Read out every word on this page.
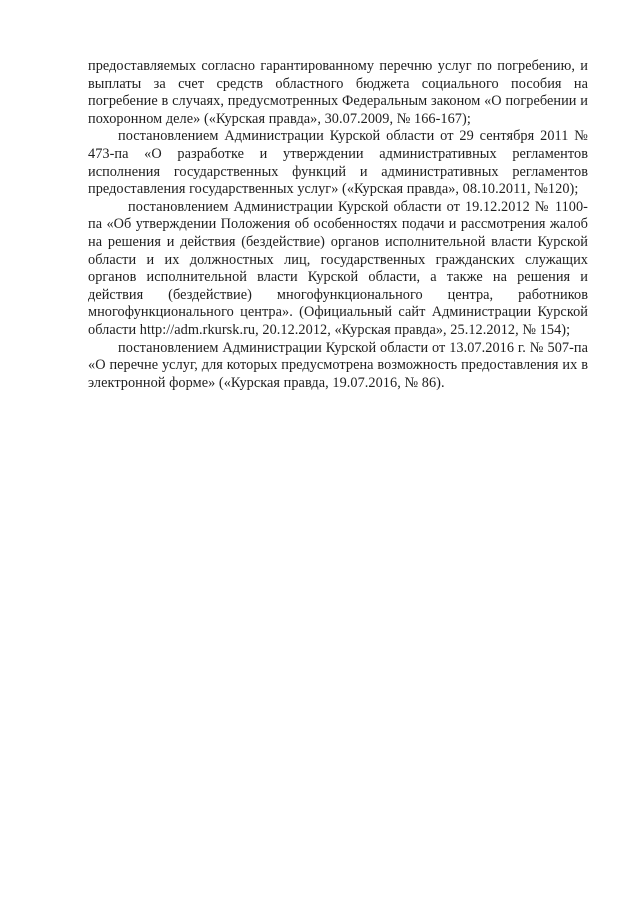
предоставляемых согласно гарантированному перечню услуг по погребению, и выплаты за счет средств областного бюджета социального пособия на погребение в случаях, предусмотренных Федеральным законом «О погребении и похоронном деле» («Курская правда», 30.07.2009, № 166-167);

постановлением Администрации Курской области от 29 сентября 2011 № 473-па «О разработке и утверждении административных регламентов исполнения государственных функций и административных регламентов предоставления государственных услуг» («Курская правда», 08.10.2011, №120);

постановлением Администрации Курской области от 19.12.2012 № 1100-па «Об утверждении Положения об особенностях подачи и рассмотрения жалоб на решения и действия (бездействие) органов исполнительной власти Курской области и их должностных лиц, государственных гражданских служащих органов исполнительной власти Курской области, а также на решения и действия (бездействие) многофункционального центра, работников многофункционального центра». (Официальный сайт Администрации Курской области http://adm.rkursk.ru, 20.12.2012, «Курская правда», 25.12.2012, № 154);

постановлением Администрации Курской области от 13.07.2016 г. № 507-па «О перечне услуг, для которых предусмотрена возможность предоставления их в электронной форме» («Курская правда, 19.07.2016, № 86).
